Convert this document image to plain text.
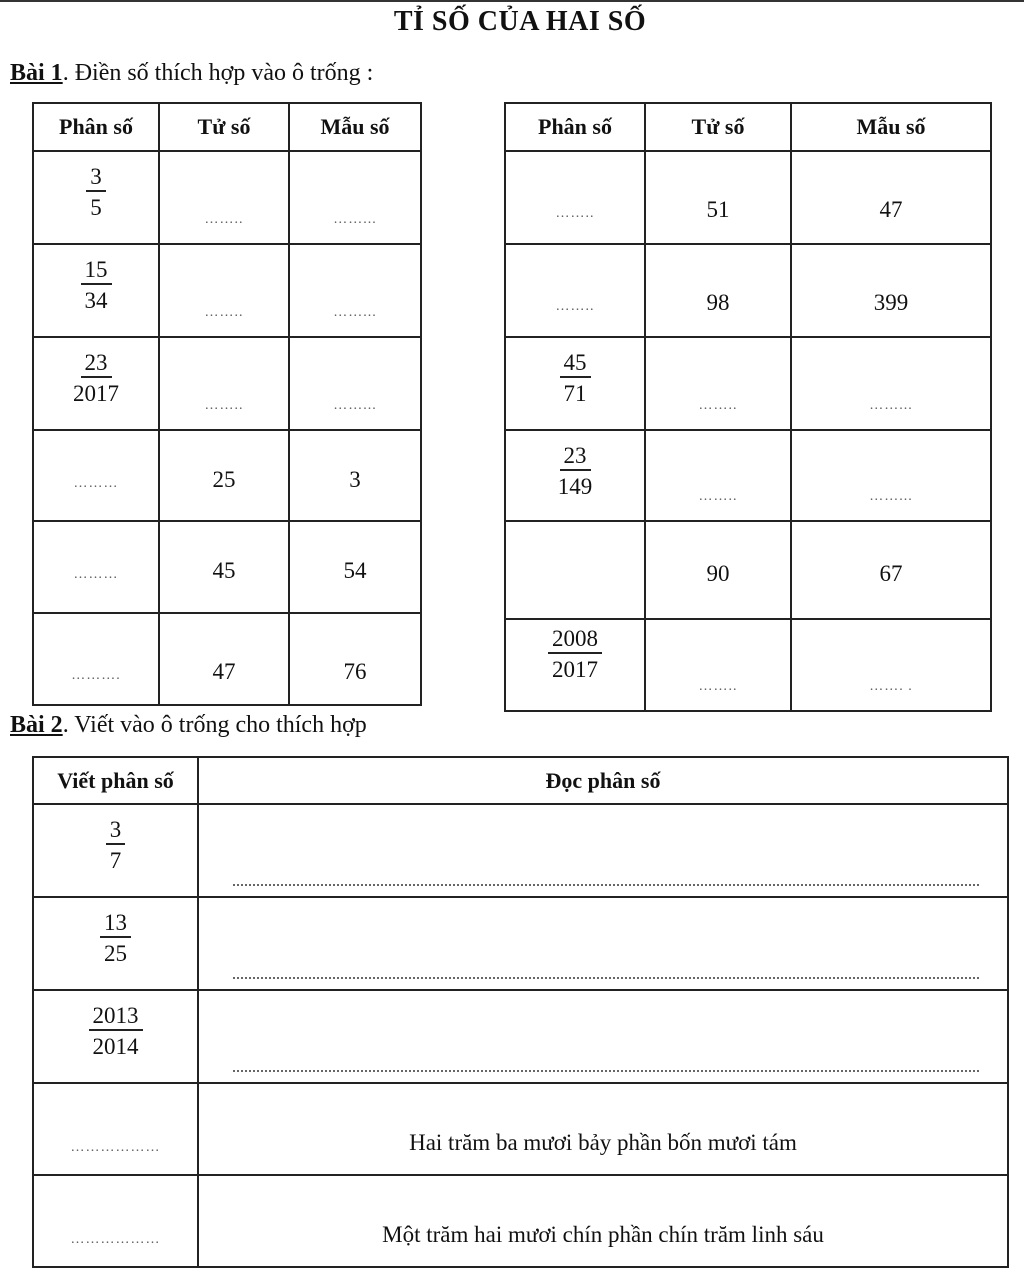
TỈ SỐ CỦA HAI SỐ
Bài 1. Điền số thích hợp vào ô trống :
Phân số	Tử số	Mẫu số

$\frac{3}{5}$	……..	……...

$\frac{15}{34}$	……..	……...

$\frac{23}{2017}$	……..	……...
………	25	3
………	45	54
……….	47	76
Phân số	Tử số	Mẫu số
……..	51	47
……..	98	399

$\frac{45}{71}$	……..	……...

$\frac{23}{149}$	……..	……...
	90	67

$\frac{2008}{2017}$	……..	……. .
Bài 2. Viết vào ô trống cho thích hợp
Viết phân số	Đọc phân số

$\frac{3}{7}$

$\frac{13}{25}$

$\frac{2013}{2014}$

………………	Hai trăm ba mươi bảy phần bốn mươi tám
………………	Một trăm hai mươi chín phần chín trăm linh sáu
